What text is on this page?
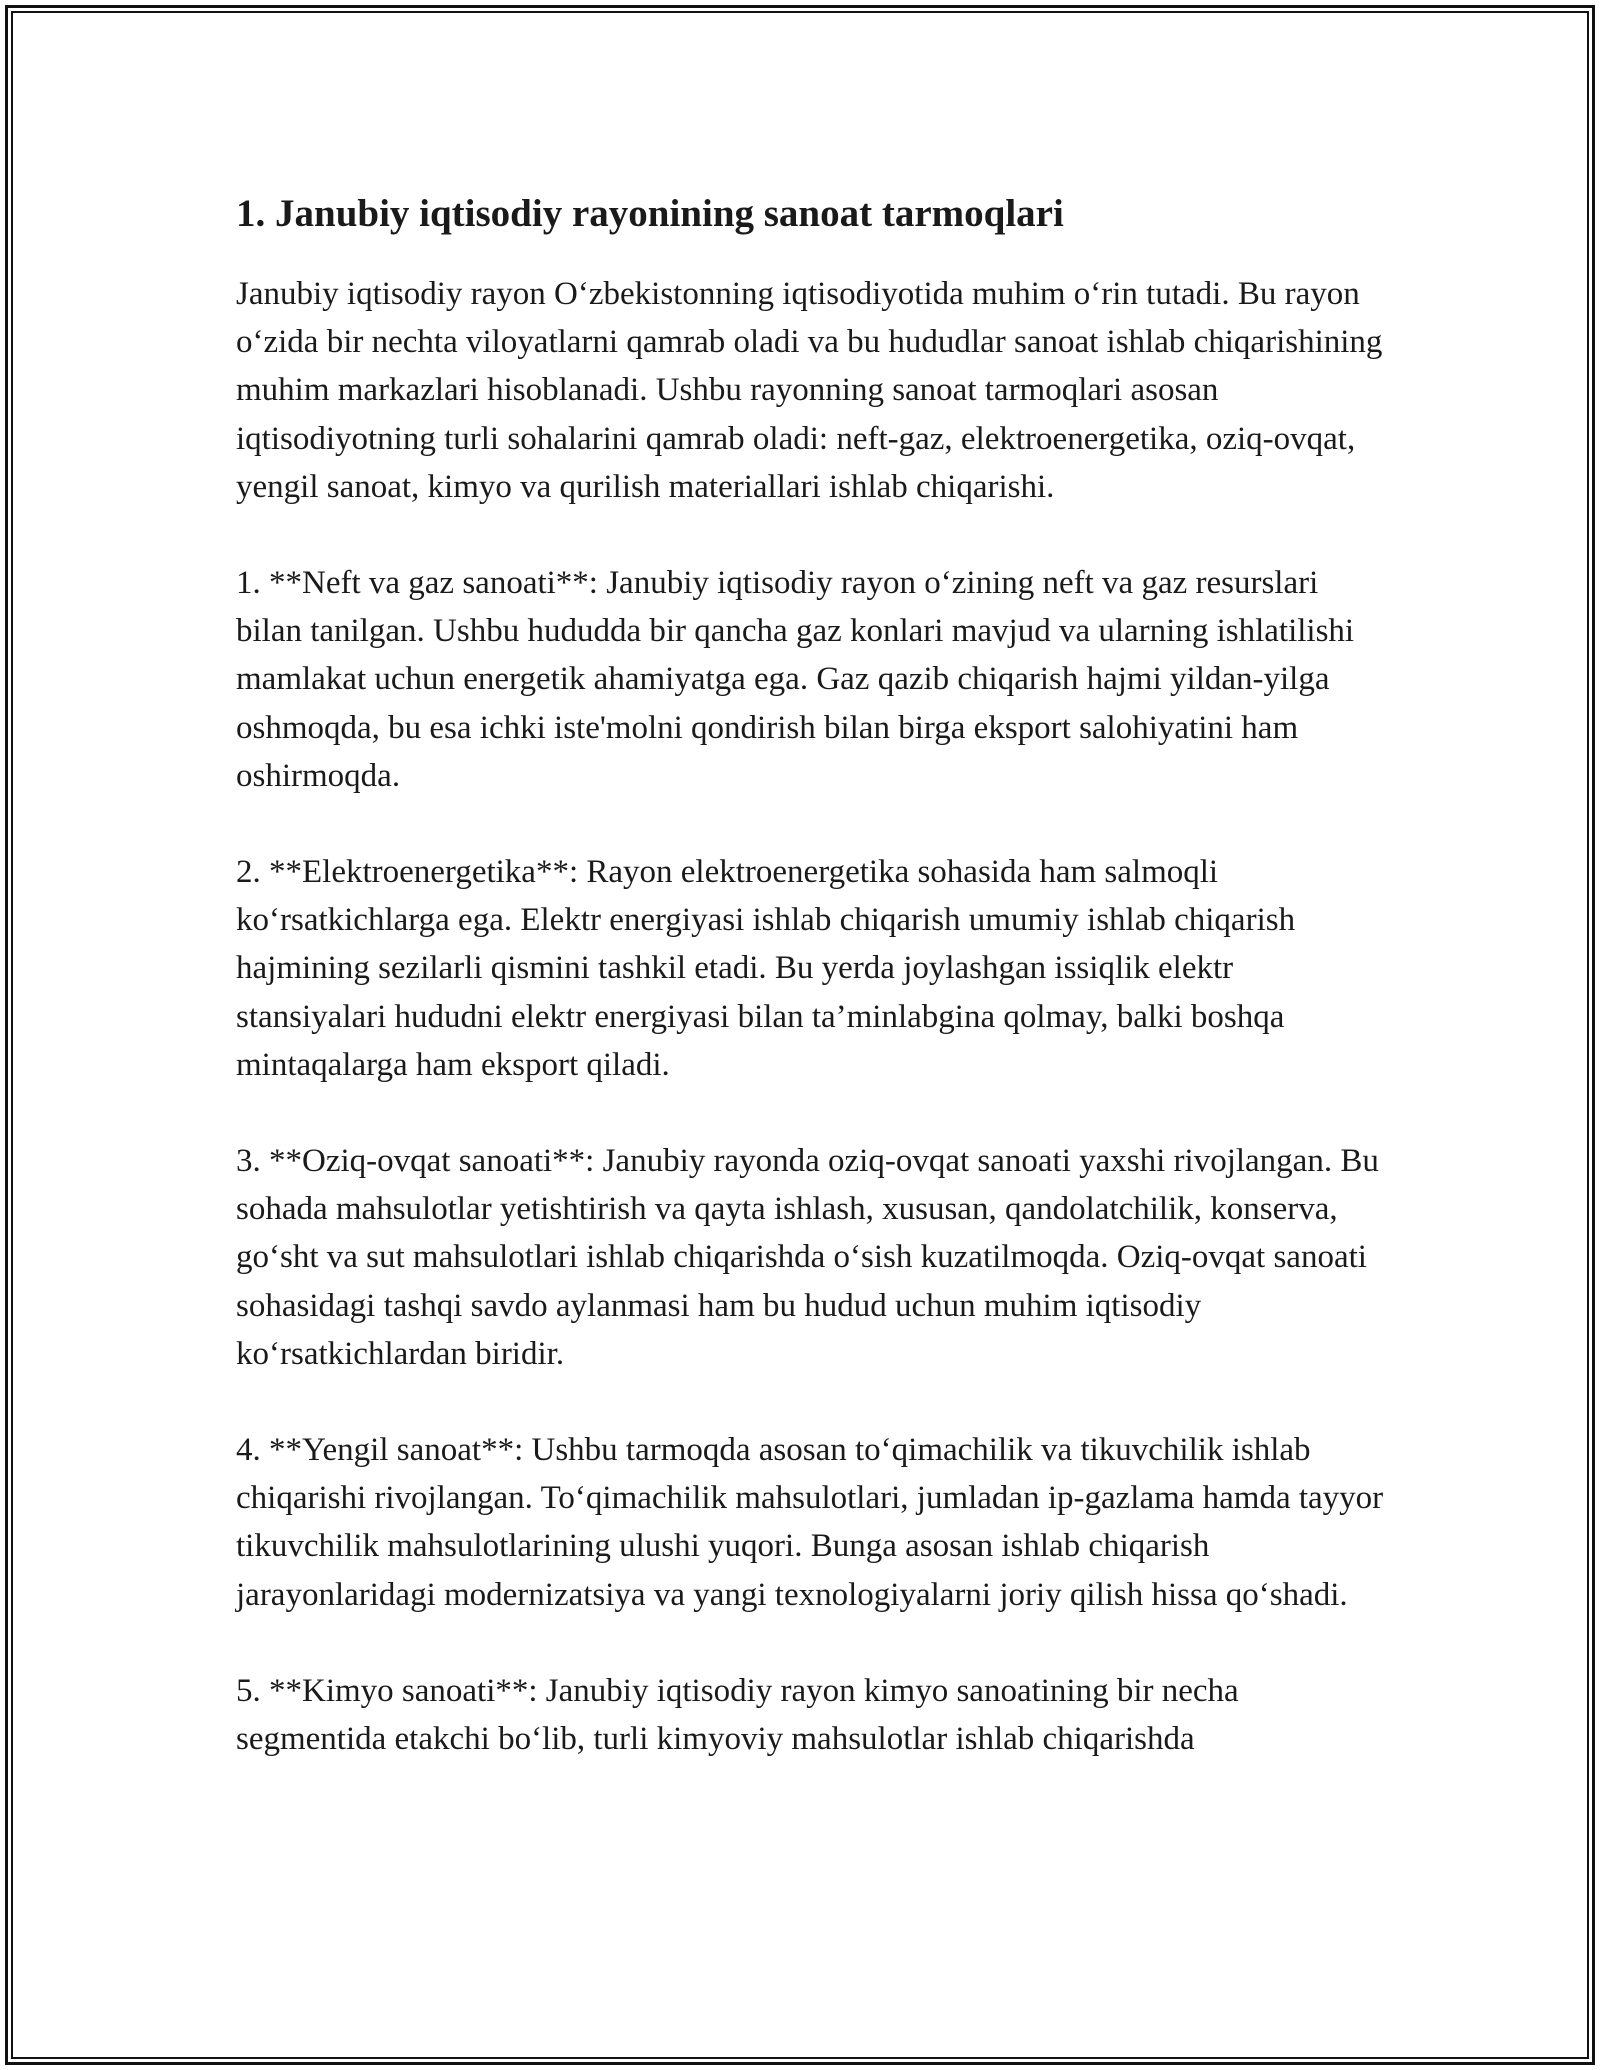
1. Janubiy iqtisodiy rayonining sanoat tarmoqlari

Janubiy iqtisodiy rayon O‘zbekistonning iqtisodiyotida muhim o‘rin tutadi. Bu rayon o‘zida bir nechta viloyatlarni qamrab oladi va bu hududlar sanoat ishlab chiqarishining muhim markazlari hisoblanadi. Ushbu rayonning sanoat tarmoqlari asosan iqtisodiyotning turli sohalarini qamrab oladi: neft-gaz, elektroenergetika, oziq-ovqat, yengil sanoat, kimyo va qurilish materiallari ishlab chiqarishi.

1. **Neft va gaz sanoati**: Janubiy iqtisodiy rayon o‘zining neft va gaz resurslari bilan tanilgan. Ushbu hududda bir qancha gaz konlari mavjud va ularning ishlatilishi mamlakat uchun energetik ahamiyatga ega. Gaz qazib chiqarish hajmi yildan-yilga oshmoqda, bu esa ichki iste'molni qondirish bilan birga eksport salohiyatini ham oshirmoqda.

2. **Elektroenergetika**: Rayon elektroenergetika sohasida ham salmoqli ko‘rsatkichlarga ega. Elektr energiyasi ishlab chiqarish umumiy ishlab chiqarish hajmining sezilarli qismini tashkil etadi. Bu yerda joylashgan issiqlik elektr stansiyalari hududni elektr energiyasi bilan ta’minlabgina qolmay, balki boshqa mintaqalarga ham eksport qiladi.

3. **Oziq-ovqat sanoati**: Janubiy rayonda oziq-ovqat sanoati yaxshi rivojlangan. Bu sohada mahsulotlar yetishtirish va qayta ishlash, xususan, qandolatchilik, konserva, go‘sht va sut mahsulotlari ishlab chiqarishda o‘sish kuzatilmoqda. Oziq-ovqat sanoati sohasidagi tashqi savdo aylanmasi ham bu hudud uchun muhim iqtisodiy ko‘rsatkichlardan biridir.

4. **Yengil sanoat**: Ushbu tarmoqda asosan to‘qimachilik va tikuvchilik ishlab chiqarishi rivojlangan. To‘qimachilik mahsulotlari, jumladan ip-gazlama hamda tayyor tikuvchilik mahsulotlarining ulushi yuqori. Bunga asosan ishlab chiqarish jarayonlaridagi modernizatsiya va yangi texnologiyalarni joriy qilish hissa qo‘shadi.

5. **Kimyo sanoati**: Janubiy iqtisodiy rayon kimyo sanoatining bir necha segmentida etakchi bo‘lib, turli kimyoviy mahsulotlar ishlab chiqarishda
